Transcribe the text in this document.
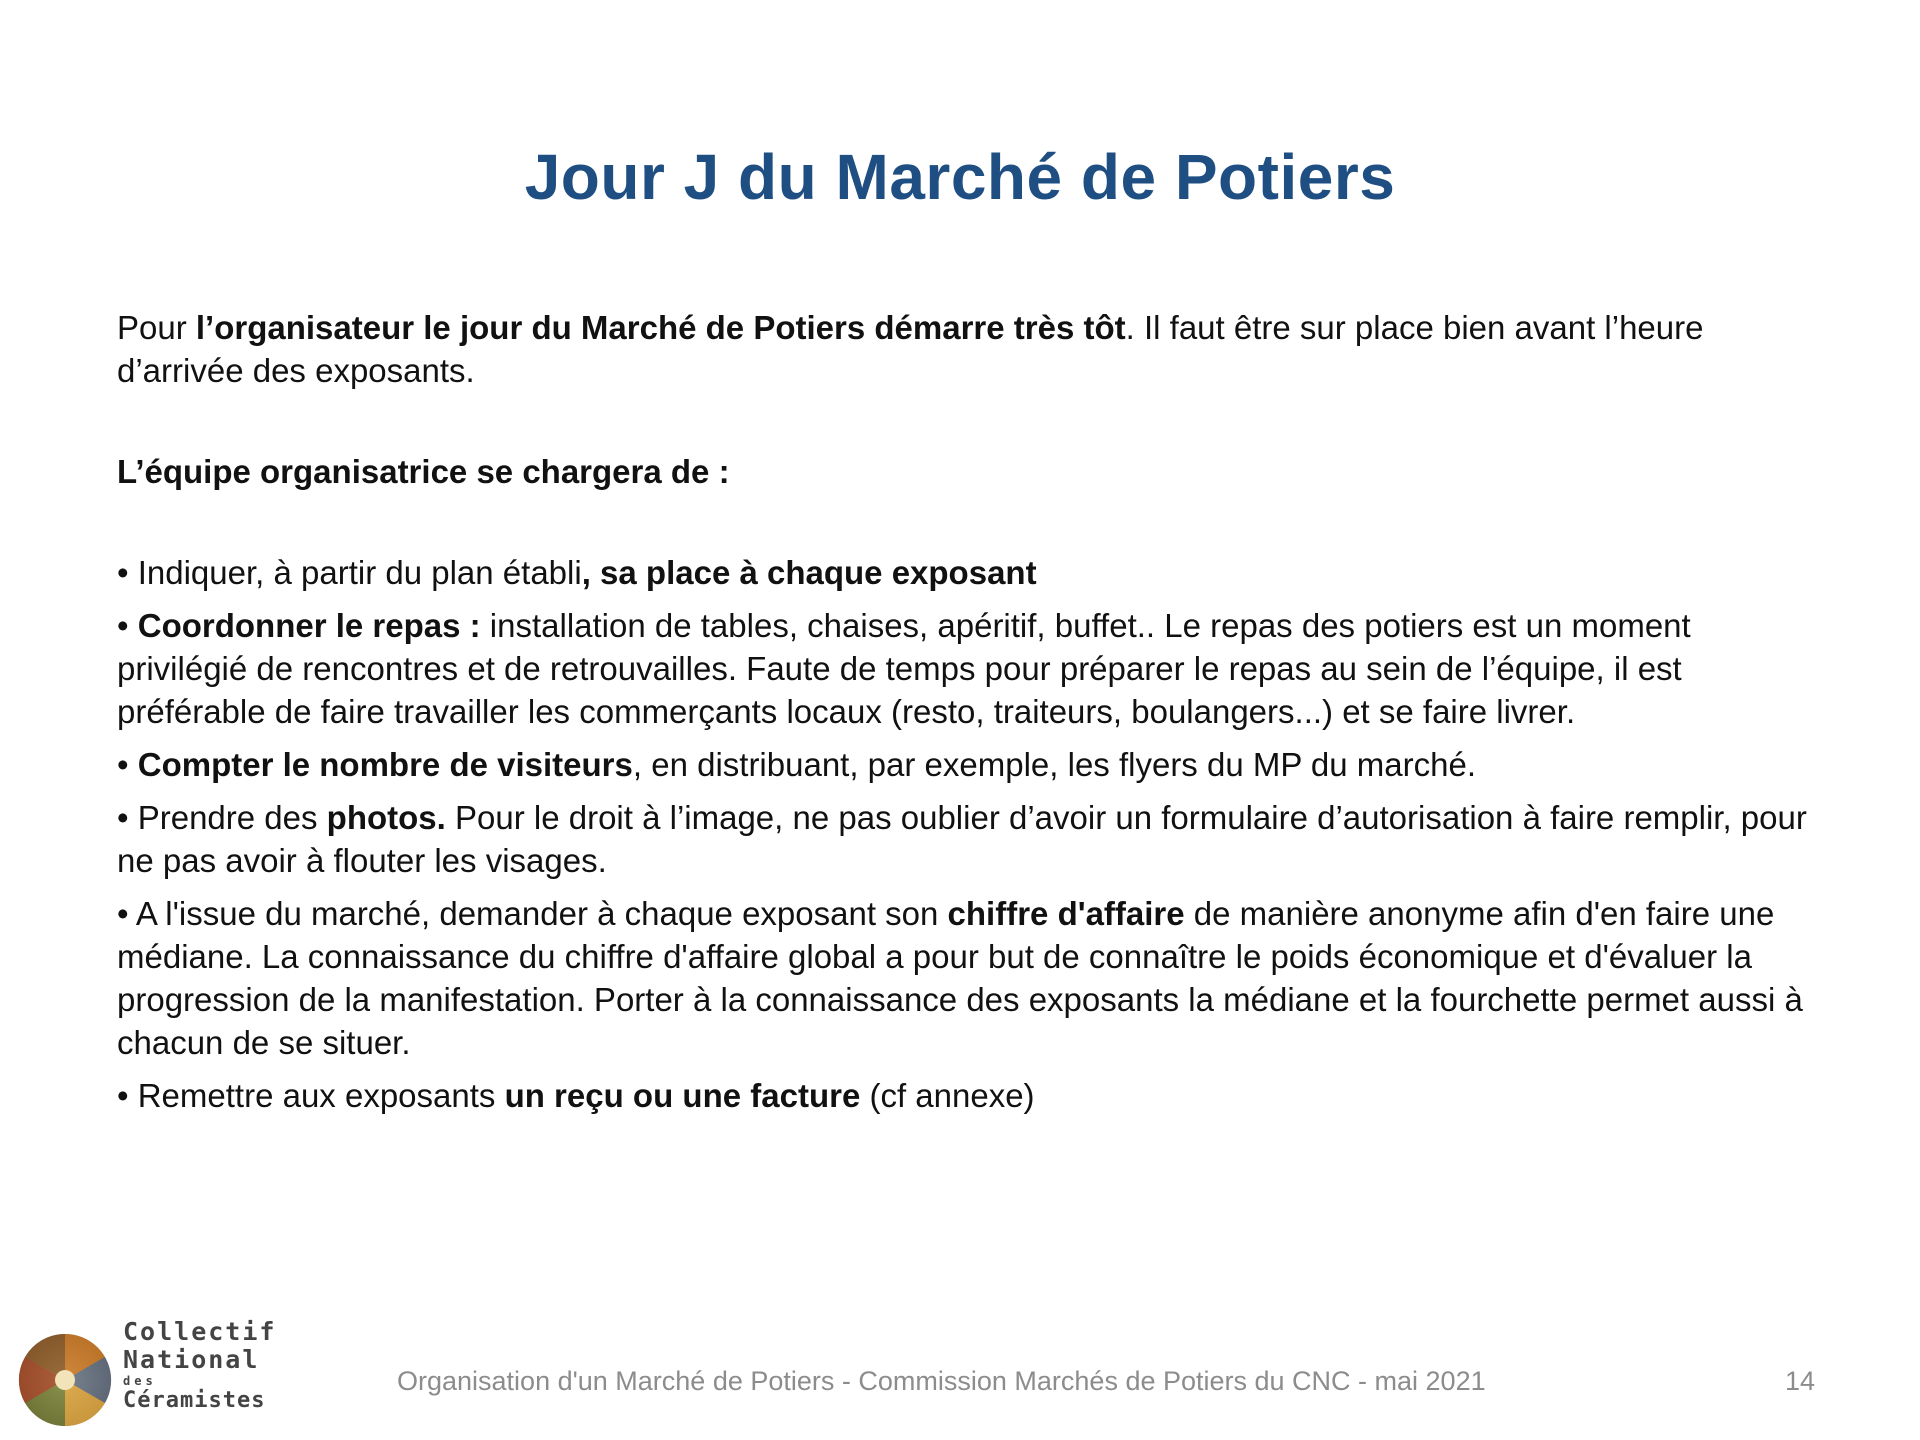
Jour J du Marché de Potiers

Pour l’organisateur le jour du Marché de Potiers démarre très tôt. Il faut être sur place bien avant l’heure d’arrivée des exposants.

L’équipe organisatrice se chargera de :

• Indiquer, à partir du plan établi, sa place à chaque exposant

• Coordonner le repas : installation de tables, chaises, apéritif, buffet.. Le repas des potiers est un moment privilégié de rencontres et de retrouvailles. Faute de temps pour préparer le repas au sein de l’équipe, il est préférable de faire travailler les commerçants locaux (resto, traiteurs, boulangers...) et se faire livrer.

• Compter le nombre de visiteurs, en distribuant, par exemple, les flyers du MP du marché.

• Prendre des photos. Pour le droit à l’image, ne pas oublier d’avoir un formulaire d’autorisation à faire remplir, pour ne pas avoir à flouter les visages.

• A l'issue du marché, demander à chaque exposant son chiffre d'affaire de manière anonyme afin d'en faire une médiane. La connaissance du chiffre d'affaire global a pour but de connaître le poids économique et d'évaluer la progression de la manifestation. Porter à la connaissance des exposants la médiane et la fourchette permet aussi à chacun de se situer.

• Remettre aux exposants un reçu ou une facture (cf annexe)

Collectif
National
des
Céramistes
Organisation d'un Marché de Potiers - Commission Marchés de Potiers du CNC - mai 2021	14
